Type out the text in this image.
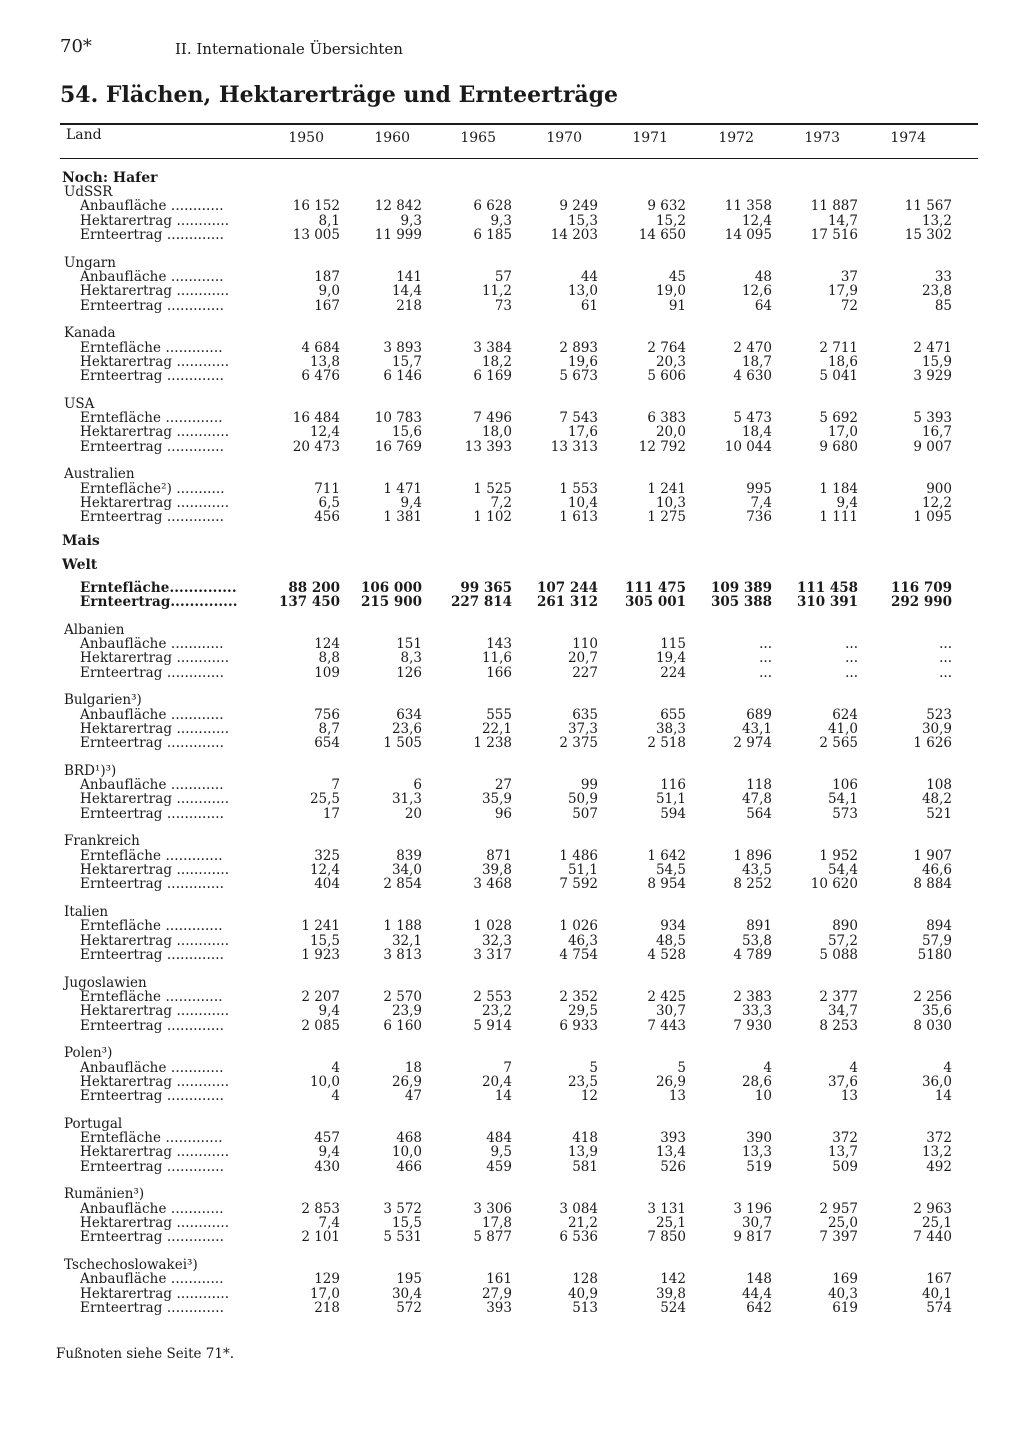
70*	II. Internationale Übersichten
54. Flächen, Hektarerträge und Ernteerträge
Land	1950	1960	1965	1970	1971	1972	1973	1974
Noch: Hafer
UdSSR
Anbaufläche ............	16 152	12 842	6 628	9 249	9 632	11 358	11 887	11 567
Hektarertrag ............	8,1	9,3	9,3	15,3	15,2	12,4	14,7	13,2
Ernteertrag .............	13 005	11 999	6 185	14 203	14 650	14 095	17 516	15 302
Ungarn
Anbaufläche ............	187	141	57	44	45	48	37	33
Hektarertrag ............	9,0	14,4	11,2	13,0	19,0	12,6	17,9	23,8
Ernteertrag .............	167	218	73	61	91	64	72	85
Kanada
Erntefläche .............	4 684	3 893	3 384	2 893	2 764	2 470	2 711	2 471
Hektarertrag ............	13,8	15,7	18,2	19,6	20,3	18,7	18,6	15,9
Ernteertrag .............	6 476	6 146	6 169	5 673	5 606	4 630	5 041	3 929
USA
Erntefläche .............	16 484	10 783	7 496	7 543	6 383	5 473	5 692	5 393
Hektarertrag ............	12,4	15,6	18,0	17,6	20,0	18,4	17,0	16,7
Ernteertrag .............	20 473	16 769	13 393	13 313	12 792	10 044	9 680	9 007
Australien
Erntefläche²) ...........	711	1 471	1 525	1 553	1 241	995	1 184	900
Hektarertrag ............	6,5	9,4	7,2	10,4	10,3	7,4	9,4	12,2
Ernteertrag .............	456	1 381	1 102	1 613	1 275	736	1 111	1 095
Mais
Welt
Erntefläche..............	88 200	106 000	99 365	107 244	111 475	109 389	111 458	116 709
Ernteertrag..............	137 450	215 900	227 814	261 312	305 001	305 388	310 391	292 990
Albanien
Anbaufläche ............	124	151	143	110	115	...	...	...
Hektarertrag ............	8,8	8,3	11,6	20,7	19,4	...	...	...
Ernteertrag .............	109	126	166	227	224	...	...	...
Bulgarien³)
Anbaufläche ............	756	634	555	635	655	689	624	523
Hektarertrag ............	8,7	23,6	22,1	37,3	38,3	43,1	41,0	30,9
Ernteertrag .............	654	1 505	1 238	2 375	2 518	2 974	2 565	1 626
BRD¹)³)
Anbaufläche ............	7	6	27	99	116	118	106	108
Hektarertrag ............	25,5	31,3	35,9	50,9	51,1	47,8	54,1	48,2
Ernteertrag .............	17	20	96	507	594	564	573	521
Frankreich
Erntefläche .............	325	839	871	1 486	1 642	1 896	1 952	1 907
Hektarertrag ............	12,4	34,0	39,8	51,1	54,5	43,5	54,4	46,6
Ernteertrag .............	404	2 854	3 468	7 592	8 954	8 252	10 620	8 884
Italien
Erntefläche .............	1 241	1 188	1 028	1 026	934	891	890	894
Hektarertrag ............	15,5	32,1	32,3	46,3	48,5	53,8	57,2	57,9
Ernteertrag .............	1 923	3 813	3 317	4 754	4 528	4 789	5 088	5180
Jugoslawien
Erntefläche .............	2 207	2 570	2 553	2 352	2 425	2 383	2 377	2 256
Hektarertrag ............	9,4	23,9	23,2	29,5	30,7	33,3	34,7	35,6
Ernteertrag .............	2 085	6 160	5 914	6 933	7 443	7 930	8 253	8 030
Polen³)
Anbaufläche ............	4	18	7	5	5	4	4	4
Hektarertrag ............	10,0	26,9	20,4	23,5	26,9	28,6	37,6	36,0
Ernteertrag .............	4	47	14	12	13	10	13	14
Portugal
Erntefläche .............	457	468	484	418	393	390	372	372
Hektarertrag ............	9,4	10,0	9,5	13,9	13,4	13,3	13,7	13,2
Ernteertrag .............	430	466	459	581	526	519	509	492
Rumänien³)
Anbaufläche ............	2 853	3 572	3 306	3 084	3 131	3 196	2 957	2 963
Hektarertrag ............	7,4	15,5	17,8	21,2	25,1	30,7	25,0	25,1
Ernteertrag .............	2 101	5 531	5 877	6 536	7 850	9 817	7 397	7 440
Tschechoslowakei³)
Anbaufläche ............	129	195	161	128	142	148	169	167
Hektarertrag ............	17,0	30,4	27,9	40,9	39,8	44,4	40,3	40,1
Ernteertrag .............	218	572	393	513	524	642	619	574
Fußnoten siehe Seite 71*.
